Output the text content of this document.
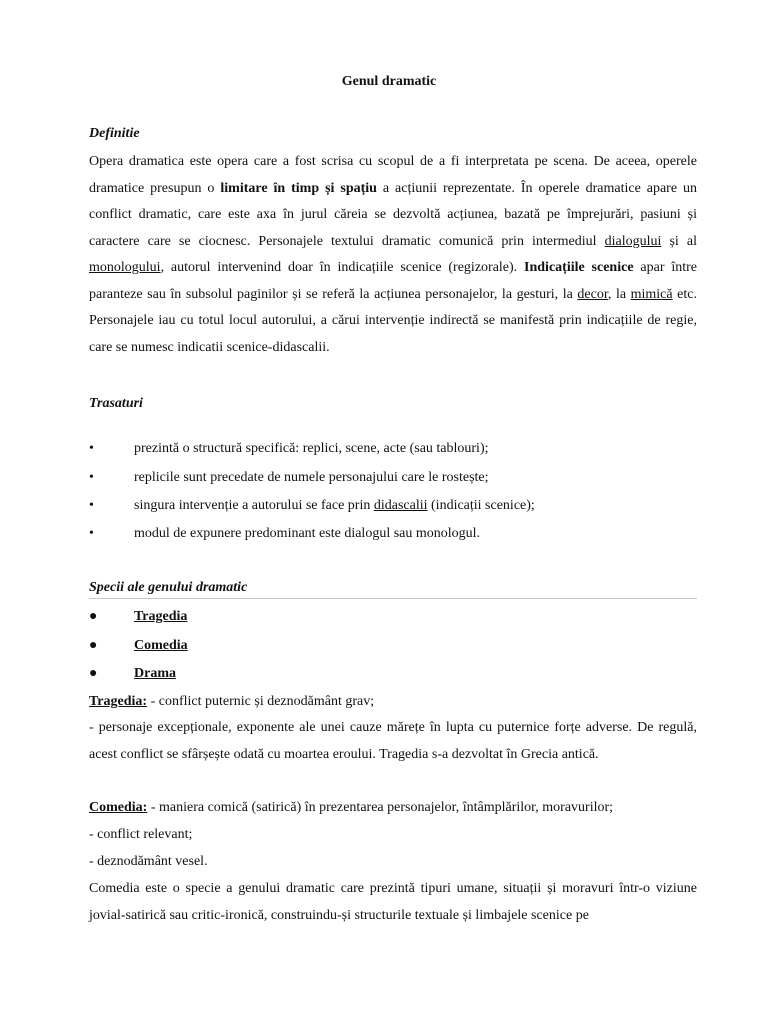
Genul dramatic
Definitie
Opera dramatica este opera care a fost scrisa cu scopul de a fi interpretata pe scena. De aceea, operele dramatice presupun o limitare în timp și spațiu a acțiunii reprezentate. În operele dramatice apare un conflict dramatic, care este axa în jurul căreia se dezvoltă acțiunea, bazată pe împrejurări, pasiuni și caractere care se ciocnesc. Personajele textului dramatic comunică prin intermediul dialogului și al monologului, autorul intervenind doar în indicațiile scenice (regizorale). Indicațiile scenice apar între paranteze sau în subsolul paginilor și se referă la acțiunea personajelor, la gesturi, la decor, la mimică etc. Personajele iau cu totul locul autorului, a cărui intervenție indirectă se manifestă prin indicațiile de regie, care se numesc indicatii scenice-didascalii.
Trasaturi
•	prezintă o structură specifică: replici, scene, acte (sau tablouri);
•	replicile sunt precedate de numele personajului care le rostește;
•	singura intervenție a autorului se face prin didascalii (indicații scenice);
•	modul de expunere predominant este dialogul sau monologul.
Specii ale genului dramatic
●	Tragedia
●	Comedia
●	Drama
Tragedia: - conflict puternic și deznodământ grav;
- personaje excepționale, exponente ale unei cauze mărețe în lupta cu puternice forțe adverse. De regulă, acest conflict se sfârșește odată cu moartea eroului. Tragedia s-a dezvoltat în Grecia antică.
Comedia: - maniera comică (satirică) în prezentarea personajelor, întâmplărilor, moravurilor;
- conflict relevant;
- deznodământ vesel.
Comedia este o specie a genului dramatic care prezintă tipuri umane, situații și moravuri într-o viziune jovial-satirică sau critic-ironică, construindu-și structurile textuale și limbajele scenice pe
